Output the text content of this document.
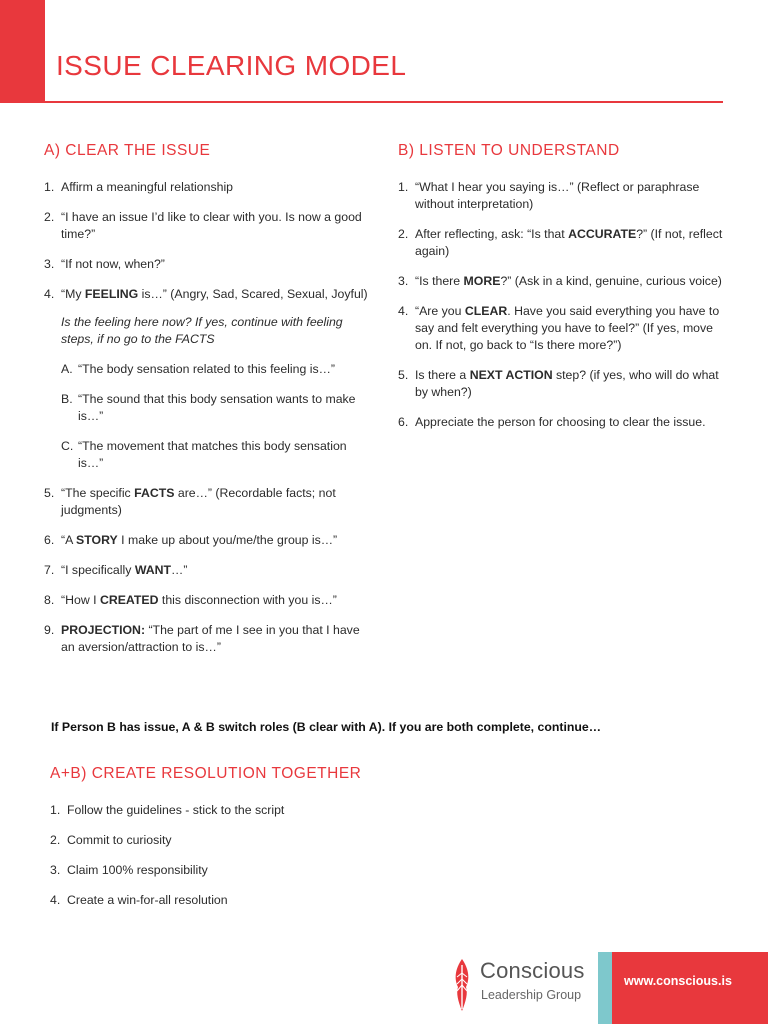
ISSUE CLEARING MODEL
A) CLEAR THE ISSUE
1. Affirm a meaningful relationship
2. “I have an issue I’d like to clear with you. Is now a good time?”
3. “If not now, when?”
4. “My FEELING is…” (Angry, Sad, Scared, Sexual, Joyful)

Is the feeling here now? If yes, continue with feeling steps, if no go to the FACTS

A. “The body sensation related to this feeling is…”
B. “The sound that this body sensation wants to make is…”
C. “The movement that matches this body sensation is…”
5. “The specific FACTS are…” (Recordable facts; not judgments)
6. “A STORY I make up about you/me/the group is…”
7. “I specifically WANT…”
8. “How I CREATED this disconnection with you is…”
9. PROJECTION: “The part of me I see in you that I have an aversion/attraction to is…”
B) LISTEN TO UNDERSTAND
1. “What I hear you saying is…” (Reflect or paraphrase without interpretation)
2. After reflecting, ask: “Is that ACCURATE?” (If not, reflect again)
3. “Is there MORE?” (Ask in a kind, genuine, curious voice)
4. “Are you CLEAR. Have you said everything you have to say and felt everything you have to feel?” (If yes, move on. If not, go back to “Is there more?”)
5. Is there a NEXT ACTION step? (if yes, who will do what by when?)
6. Appreciate the person for choosing to clear the issue.

If Person B has issue, A & B switch roles (B clear with A). If you are both complete, continue…

A+B) CREATE RESOLUTION TOGETHER
1. Follow the guidelines - stick to the script
2. Commit to curiosity
3. Claim 100% responsibility
4. Create a win-for-all resolution
Conscious
Leadership Group
www.conscious.is
